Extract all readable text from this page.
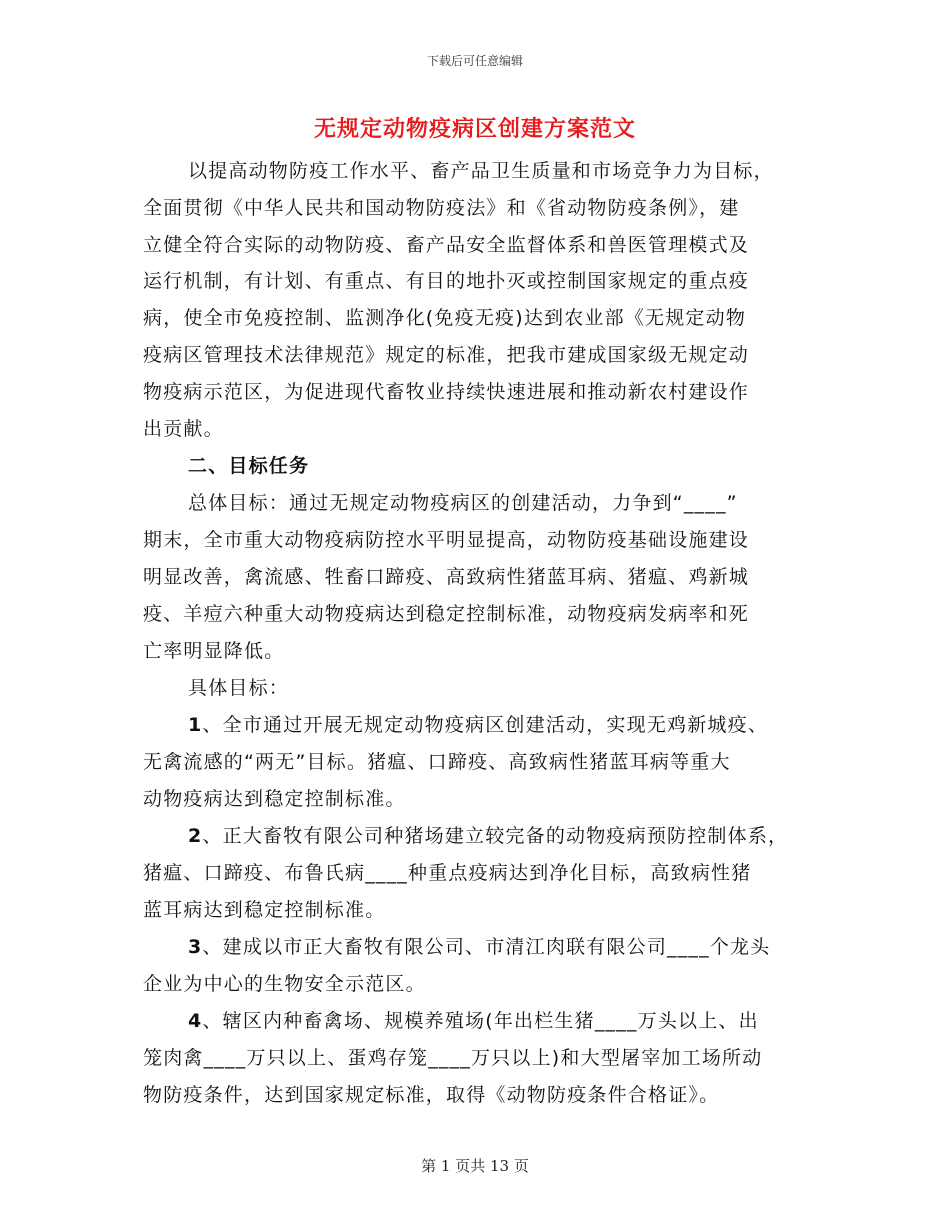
下载后可任意编辑
无规定动物疫病区创建方案范文
以提高动物防疫工作水平、畜产品卫生质量和市场竞争力为目标，
全面贯彻《中华人民共和国动物防疫法》和《省动物防疫条例》，建
立健全符合实际的动物防疫、畜产品安全监督体系和兽医管理模式及
运行机制，有计划、有重点、有目的地扑灭或控制国家规定的重点疫
病，使全市免疫控制、监测净化(免疫无疫)达到农业部《无规定动物
疫病区管理技术法律规范》规定的标准，把我市建成国家级无规定动
物疫病示范区，为促进现代畜牧业持续快速进展和推动新农村建设作
出贡献。
二、目标任务
总体目标：通过无规定动物疫病区的创建活动，力争到“____”
期末，全市重大动物疫病防控水平明显提高，动物防疫基础设施建设
明显改善，禽流感、牲畜口蹄疫、高致病性猪蓝耳病、猪瘟、鸡新城
疫、羊痘六种重大动物疫病达到稳定控制标准，动物疫病发病率和死
亡率明显降低。
具体目标：
1、全市通过开展无规定动物疫病区创建活动，实现无鸡新城疫、
无禽流感的“两无”目标。猪瘟、口蹄疫、高致病性猪蓝耳病等重大
动物疫病达到稳定控制标准。
2、正大畜牧有限公司种猪场建立较完备的动物疫病预防控制体系，
猪瘟、口蹄疫、布鲁氏病____种重点疫病达到净化目标，高致病性猪
蓝耳病达到稳定控制标准。
3、建成以市正大畜牧有限公司、市清江肉联有限公司____个龙头
企业为中心的生物安全示范区。
4、辖区内种畜禽场、规模养殖场(年出栏生猪____万头以上、出
笼肉禽____万只以上、蛋鸡存笼____万只以上)和大型屠宰加工场所动
物防疫条件，达到国家规定标准，取得《动物防疫条件合格证》。
第 1 页共 13 页
